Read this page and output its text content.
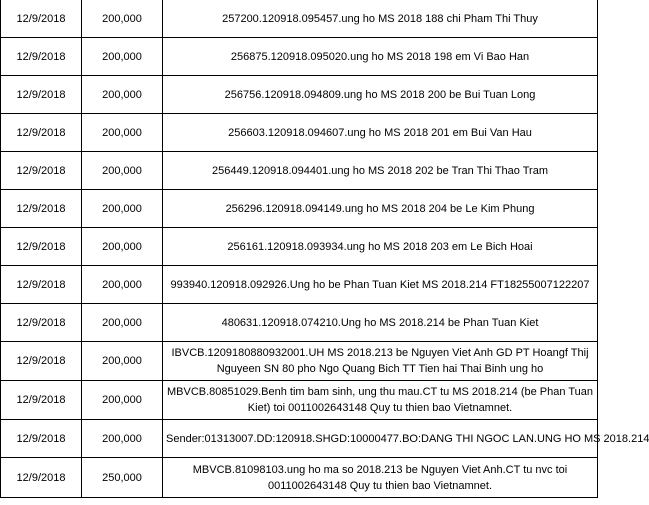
12/9/2018	200,000	257200.120918.095457.ung ho MS 2018 188 chi Pham Thi Thuy
12/9/2018	200,000	256875.120918.095020.ung ho MS 2018 198 em Vi Bao Han
12/9/2018	200,000	256756.120918.094809.ung ho MS 2018 200 be Bui Tuan Long
12/9/2018	200,000	256603.120918.094607.ung ho MS 2018 201 em Bui Van Hau
12/9/2018	200,000	256449.120918.094401.ung ho MS 2018 202 be Tran Thi Thao Tram
12/9/2018	200,000	256296.120918.094149.ung ho MS 2018 204 be Le Kim Phung
12/9/2018	200,000	256161.120918.093934.ung ho MS 2018 203 em Le Bich Hoai
12/9/2018	200,000	993940.120918.092926.Ung ho be Phan Tuan Kiet MS 2018.214 FT18255007122207
12/9/2018	200,000	480631.120918.074210.Ung ho MS 2018.214 be Phan Tuan Kiet
12/9/2018	200,000	IBVCB.1209180880932001.UH MS 2018.213 be Nguyen Viet Anh GD PT Hoangf Thij Nguyeen SN 80 pho Ngo Quang Bich TT Tien hai Thai Binh ung ho
12/9/2018	200,000	MBVCB.80851029.Benh tim bam sinh, ung thu mau.CT tu MS 2018.214 (be Phan Tuan Kiet) toi 0011002643148 Quy tu thien bao Vietnamnet.
12/9/2018	200,000	Sender:01313007.DD:120918.SHGD:10000477.BO:DANG THI NGOC LAN.UNG HO MS 2018.214
12/9/2018	250,000	MBVCB.81098103.ung ho ma so 2018.213 be Nguyen Viet Anh.CT tu nvc toi 0011002643148 Quy tu thien bao Vietnamnet.
